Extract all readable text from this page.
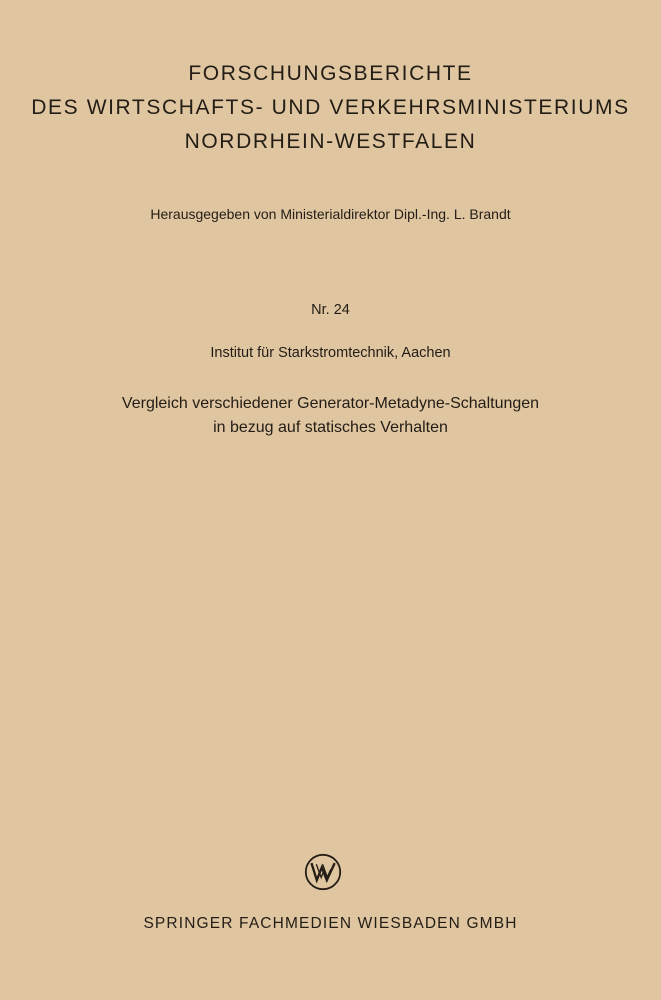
FORSCHUNGSBERICHTE
DES WIRTSCHAFTS- UND VERKEHRSMINISTERIUMS
NORDRHEIN-WESTFALEN
Herausgegeben von Ministerialdirektor Dipl.-Ing. L. Brandt
Nr. 24
Institut für Starkstromtechnik, Aachen
Vergleich verschiedener Generator-Metadyne-Schaltungen
in bezug auf statisches Verhalten
SPRINGER FACHMEDIEN WIESBADEN GMBH
